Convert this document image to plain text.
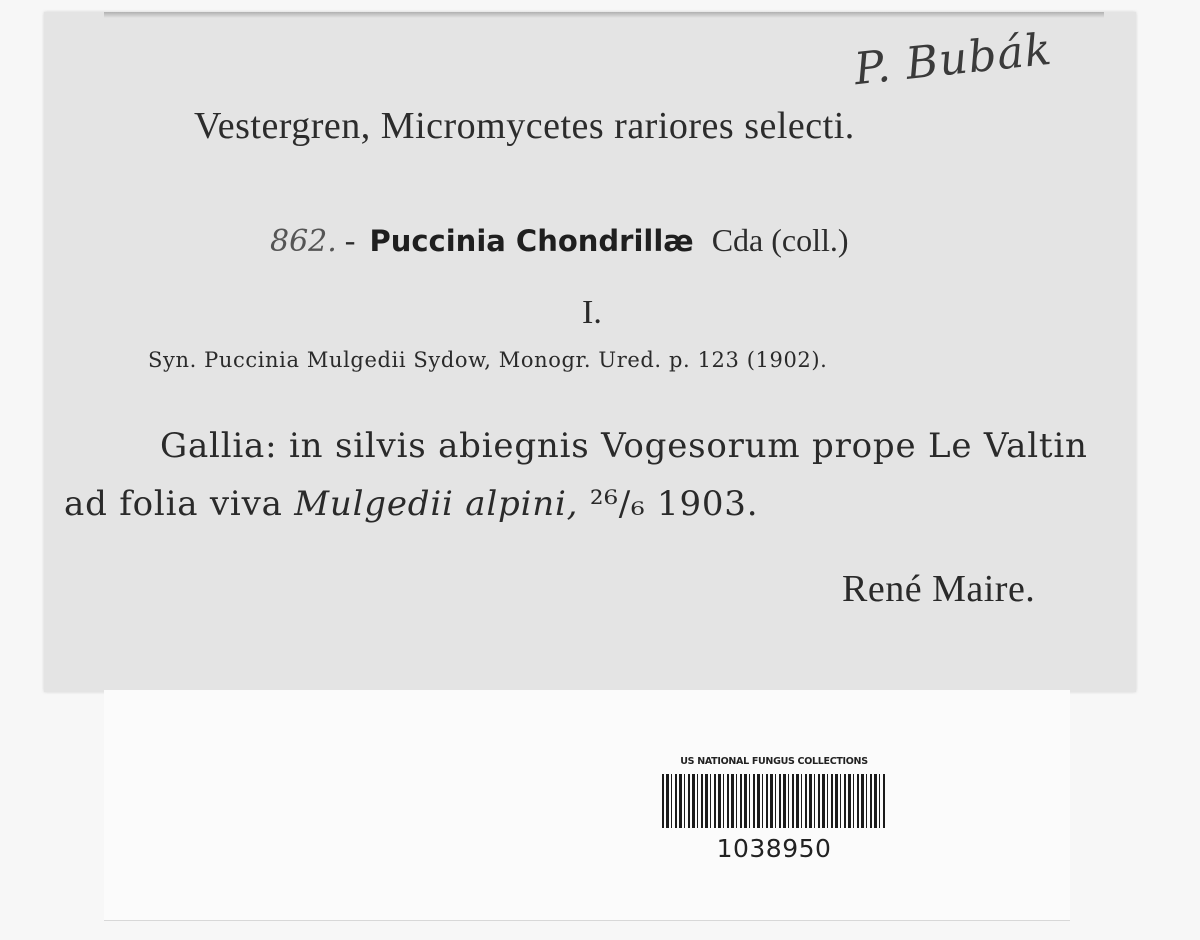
P. Bubák
Vestergren, Micromycetes rariores selecti.
862. - Puccinia Chondrillæ Cda (coll.)
I.
Syn. Puccinia Mulgedii Sydow, Monogr. Ured. p. 123 (1902).
Gallia: in silvis abiegnis Vogesorum prope Le Valtin
ad folia viva Mulgedii alpini, ²⁶/₆ 1903.
René Maire.
US NATIONAL FUNGUS COLLECTIONS
1038950
